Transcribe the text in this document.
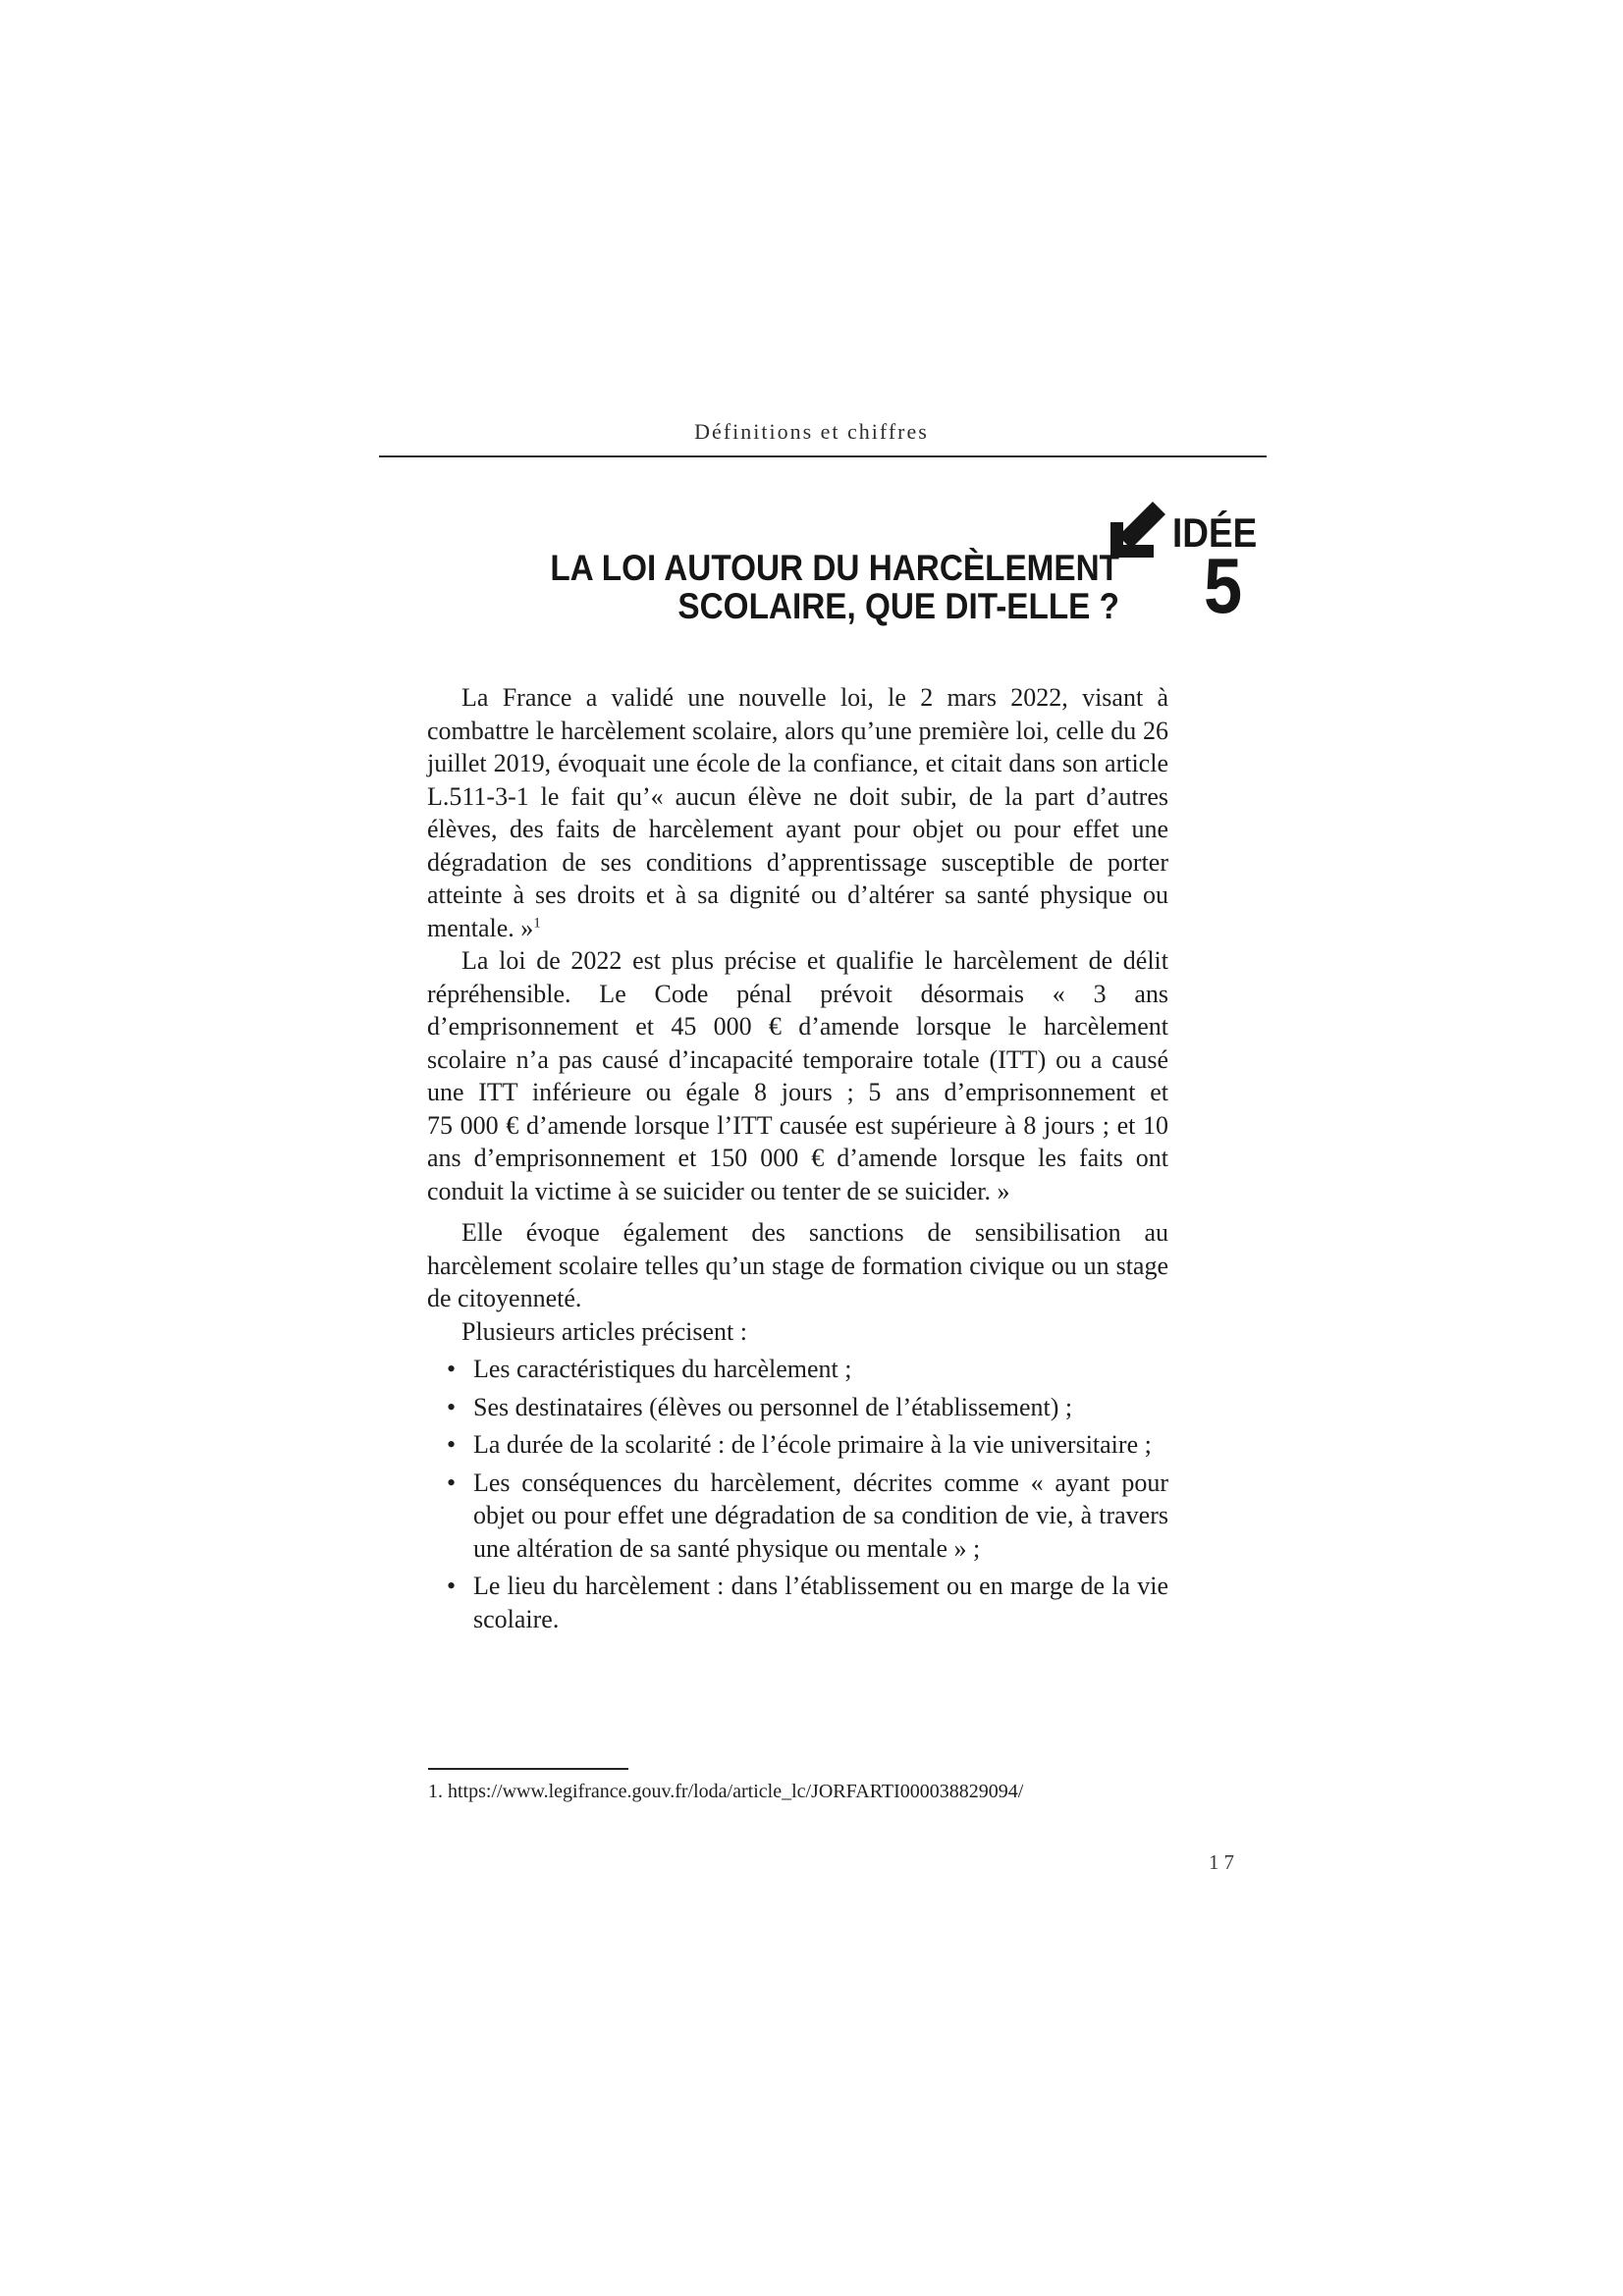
Définitions et chiffres
IDÉE
5
LA LOI AUTOUR DU HARCÈLEMENT
SCOLAIRE, QUE DIT-ELLE ?

La France a validé une nouvelle loi, le 2 mars 2022, visant à combattre le harcèlement scolaire, alors qu’une première loi, celle du 26 juillet 2019, évoquait une école de la confiance, et citait dans son article L.511-3-1 le fait qu’« aucun élève ne doit subir, de la part d’autres élèves, des faits de harcèlement ayant pour objet ou pour effet une dégradation de ses conditions d’apprentissage susceptible de porter atteinte à ses droits et à sa dignité ou d’altérer sa santé physique ou mentale. »$^1$

La loi de 2022 est plus précise et qualifie le harcèlement de délit répréhensible. Le Code pénal prévoit désormais « 3 ans d’emprisonnement et 45 000 € d’amende lorsque le harcèlement scolaire n’a pas causé d’incapacité temporaire totale (ITT) ou a causé une ITT inférieure ou égale 8 jours ; 5 ans d’emprisonnement et 75 000 € d’amende lorsque l’ITT causée est supérieure à 8 jours ; et 10 ans d’emprisonnement et 150 000 € d’amende lorsque les faits ont conduit la victime à se suicider ou tenter de se suicider. »

Elle évoque également des sanctions de sensibilisation au harcèlement scolaire telles qu’un stage de formation civique ou un stage de citoyenneté.

Plusieurs articles précisent :

• Les caractéristiques du harcèlement ;
• Ses destinataires (élèves ou personnel de l’établissement) ;
• La durée de la scolarité : de l’école primaire à la vie universitaire ;
• Les conséquences du harcèlement, décrites comme « ayant pour objet ou pour effet une dégradation de sa condition de vie, à travers une altération de sa santé physique ou mentale » ;
• Le lieu du harcèlement : dans l’établissement ou en marge de la vie scolaire.
1. https://www.legifrance.gouv.fr/loda/article_lc/JORFARTI000038829094/
17
